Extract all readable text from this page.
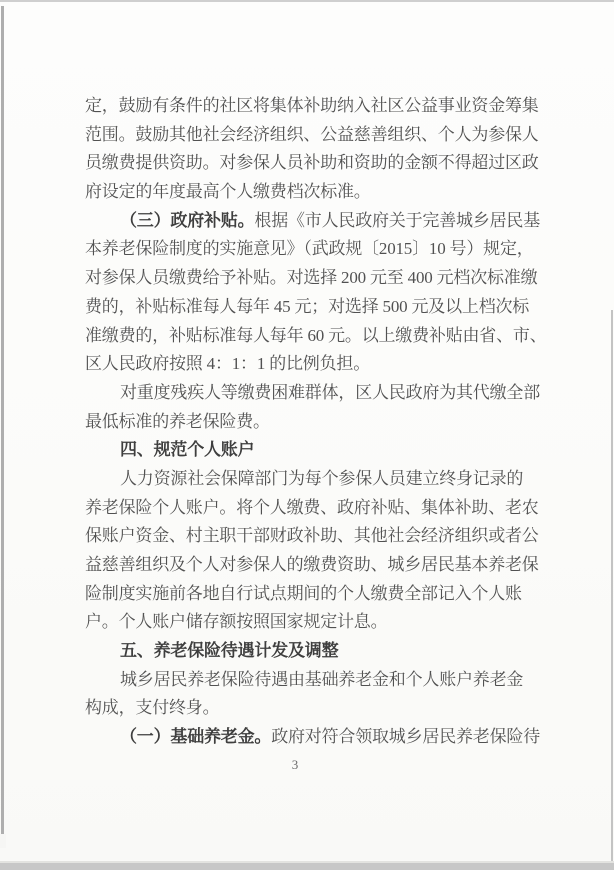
定，鼓励有条件的社区将集体补助纳入社区公益事业资金筹集
范围。鼓励其他社会经济组织、公益慈善组织、个人为参保人
员缴费提供资助。对参保人员补助和资助的金额不得超过区政
府设定的年度最高个人缴费档次标准。
（三）政府补贴。根据《市人民政府关于完善城乡居民基
本养老保险制度的实施意见》（武政规〔2015〕10 号）规定，
对参保人员缴费给予补贴。对选择 200 元至 400 元档次标准缴
费的，补贴标准每人每年 45 元；对选择 500 元及以上档次标
准缴费的，补贴标准每人每年 60 元。以上缴费补贴由省、市、
区人民政府按照 4：1：1 的比例负担。
对重度残疾人等缴费困难群体，区人民政府为其代缴全部
最低标准的养老保险费。
四、规范个人账户
人力资源社会保障部门为每个参保人员建立终身记录的
养老保险个人账户。将个人缴费、政府补贴、集体补助、老农
保账户资金、村主职干部财政补助、其他社会经济组织或者公
益慈善组织及个人对参保人的缴费资助、城乡居民基本养老保
险制度实施前各地自行试点期间的个人缴费全部记入个人账
户。个人账户储存额按照国家规定计息。
五、养老保险待遇计发及调整
城乡居民养老保险待遇由基础养老金和个人账户养老金
构成，支付终身。
（一）基础养老金。政府对符合领取城乡居民养老保险待
3
